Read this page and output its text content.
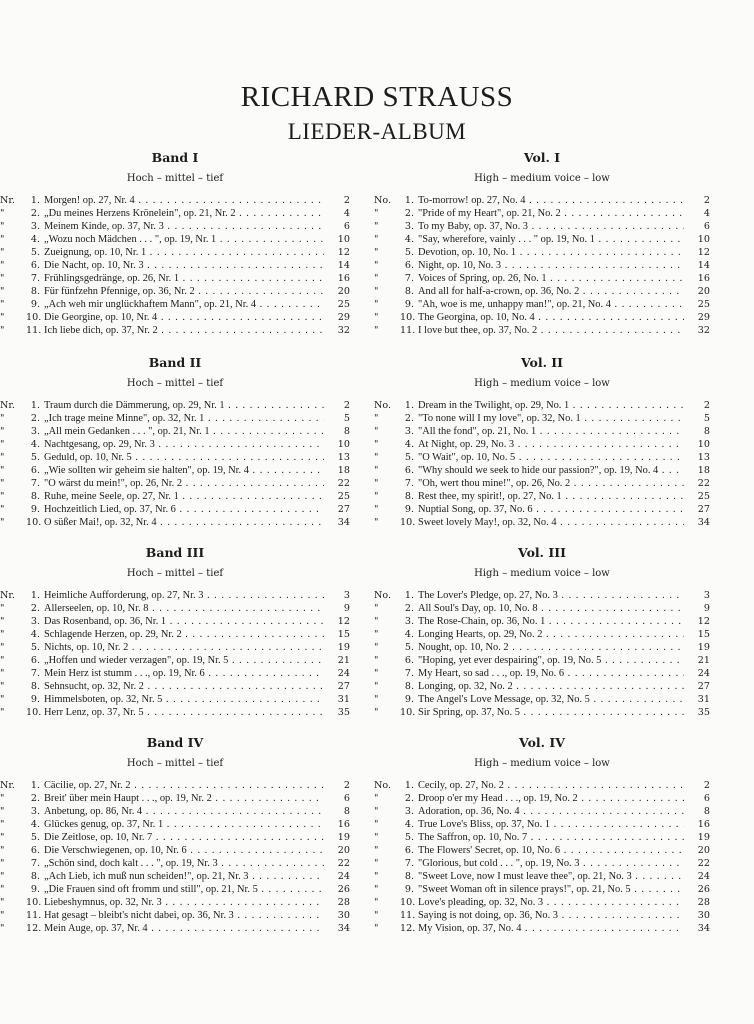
RICHARD STRAUSS
LIEDER-ALBUM
Band I
Hoch – mittel – tief
Nr.	1. Morgen! op. 27, Nr. 4 . . .	2
"	2. „Du meines Herzens Krönelein", op. 21, Nr. 2 . . .	4
"	3. Meinem Kinde, op. 37, Nr. 3 . . .	6
"	4. „Wozu noch Mädchen . . . ", op. 19, Nr. 1 . . .	10
"	5. Zueignung, op. 10, Nr. 1 . . .	12
"	6. Die Nacht, op. 10, Nr. 3 . . .	14
"	7. Frühlingsgedränge, op. 26, Nr. 1 . . .	16
"	8. Für fünfzehn Pfennige, op. 36, Nr. 2 . . .	20
"	9. „Ach weh mir unglückhaftem Mann", op. 21, Nr. 4 . . .	25
"	10. Die Georgine, op. 10, Nr. 4 . . .	29
"	11. Ich liebe dich, op. 37, Nr. 2 . . .	32
Vol. I
High – medium voice – low
No.	1. To-morrow! op. 27, No. 4 . . .	2
"	2. "Pride of my Heart", op. 21, No. 2 . . .	4
"	3. To my Baby, op. 37, No. 3 . . .	6
"	4. "Say, wherefore, vainly . . . " op. 19, No. 1 . . .	10
"	5. Devotion, op. 10, No. 1 . . .	12
"	6. Night, op. 10, No. 3 . . .	14
"	7. Voices of Spring, op. 26, No. 1 . . .	16
"	8. And all for half-a-crown, op. 36, No. 2 . . .	20
"	9. "Ah, woe is me, unhappy man!", op. 21, No. 4 . . .	25
"	10. The Georgina, op. 10, No. 4 . . .	29
"	11. I love but thee, op. 37, No. 2 . . .	32
Band II
Hoch – mittel – tief
Nr.	1. Traum durch die Dämmerung, op. 29, Nr. 1 . . .	2
"	2. „Ich trage meine Minne", op. 32, Nr. 1 . . .	5
"	3. „All mein Gedanken . . . ", op. 21, Nr. 1 . . .	8
"	4. Nachtgesang, op. 29, Nr. 3 . . .	10
"	5. Geduld, op. 10, Nr. 5 . . .	13
"	6. „Wie sollten wir geheim sie halten", op. 19, Nr. 4 . . .	18
"	7. "O wärst du mein!", op. 26, Nr. 2 . . .	22
"	8. Ruhe, meine Seele, op. 27, Nr. 1 . . .	25
"	9. Hochzeitlich Lied, op. 37, Nr. 6 . . .	27
"	10. O süßer Mai!, op. 32, Nr. 4 . . .	34
Vol. II
High – medium voice – low
No.	1. Dream in the Twilight, op. 29, No. 1 . . .	2
"	2. "To none will I my love", op. 32, No. 1 . . .	5
"	3. "All the fond", op. 21, No. 1 . . .	8
"	4. At Night, op. 29, No. 3 . . .	10
"	5. "O Wait", op. 10, No. 5 . . .	13
"	6. "Why should we seek to hide our passion?", op. 19, No. 4 . . .	18
"	7. "Oh, wert thou mine!", op. 26, No. 2 . . .	22
"	8. Rest thee, my spirit!, op. 27, No. 1 . . .	25
"	9. Nuptial Song, op. 37, No. 6 . . .	27
"	10. Sweet lovely May!, op. 32, No. 4 . . .	34
Band III
Hoch – mittel – tief
Nr.	1. Heimliche Aufforderung, op. 27, Nr. 3 . . .	3
"	2. Allerseelen, op. 10, Nr. 8 . . .	9
"	3. Das Rosenband, op. 36, Nr. 1 . . .	12
"	4. Schlagende Herzen, op. 29, Nr. 2 . . .	15
"	5. Nichts, op. 10, Nr. 2 . . .	19
"	6. „Hoffen und wieder verzagen", op. 19, Nr. 5 . . .	21
"	7. Mein Herz ist stumm . . ., op. 19, Nr. 6 . . .	24
"	8. Sehnsucht, op. 32, Nr. 2 . . .	27
"	9. Himmelsboten, op. 32, Nr. 5 . . .	31
"	10. Herr Lenz, op. 37, Nr. 5 . . .	35
Vol. III
High – medium voice – low
No.	1. The Lover's Pledge, op. 27, No. 3 . . .	3
"	2. All Soul's Day, op. 10, No. 8 . . .	9
"	3. The Rose-Chain, op. 36, No. 1 . . .	12
"	4. Longing Hearts, op. 29, No. 2 . . .	15
"	5. Nought, op. 10, No. 2 . . .	19
"	6. "Hoping, yet ever despairing", op. 19, No. 5 . . .	21
"	7. My Heart, so sad . . ., op. 19, No. 6 . . .	24
"	8. Longing, op. 32, No. 2 . . .	27
"	9. The Angel's Love Message, op. 32, No. 5 . . .	31
"	10. Sir Spring, op. 37, No. 5 . . .	35
Band IV
Hoch – mittel – tief
Nr.	1. Cäcilie, op. 27, Nr. 2 . . .	2
"	2. Breit' über mein Haupt . . ., op. 19, Nr. 2 . . .	6
"	3. Anbetung, op. 86, Nr. 4 . . .	8
"	4. Glückes genug, op. 37, Nr. 1 . . .	16
"	5. Die Zeitlose, op. 10, Nr. 7 . . .	19
"	6. Die Verschwiegenen, op. 10, Nr. 6 . . .	20
"	7. „Schön sind, doch kalt . . . ", op. 19, Nr. 3 . . .	22
"	8. „Ach Lieb, ich muß nun scheiden!", op. 21, Nr. 3 . . .	24
"	9. „Die Frauen sind oft fromm und still", op. 21, Nr. 5 . . .	26
"	10. Liebeshymnus, op. 32, Nr. 3 . . .	28
"	11. Hat gesagt – bleibt's nicht dabei, op. 36, Nr. 3 . . .	30
"	12. Mein Auge, op. 37, Nr. 4 . . .	34
Vol. IV
High – medium voice – low
No.	1. Cecily, op. 27, No. 2 . . .	2
"	2. Droop o'er my Head . . ., op. 19, No. 2 . . .	6
"	3. Adoration, op. 36, No. 4 . . .	8
"	4. True Love's Bliss, op. 37, No. 1 . . .	16
"	5. The Saffron, op. 10, No. 7 . . .	19
"	6. The Flowers' Secret, op. 10, No. 6 . . .	20
"	7. "Glorious, but cold . . . ", op. 19, No. 3 . . .	22
"	8. "Sweet Love, now I must leave thee", op. 21, No. 3 . . .	24
"	9. "Sweet Woman oft in silence prays!", op. 21, No. 5 . . .	26
"	10. Love's pleading, op. 32, No. 3 . . .	28
"	11. Saying is not doing, op. 36, No. 3 . . .	30
"	12. My Vision, op. 37, No. 4 . . .	34
